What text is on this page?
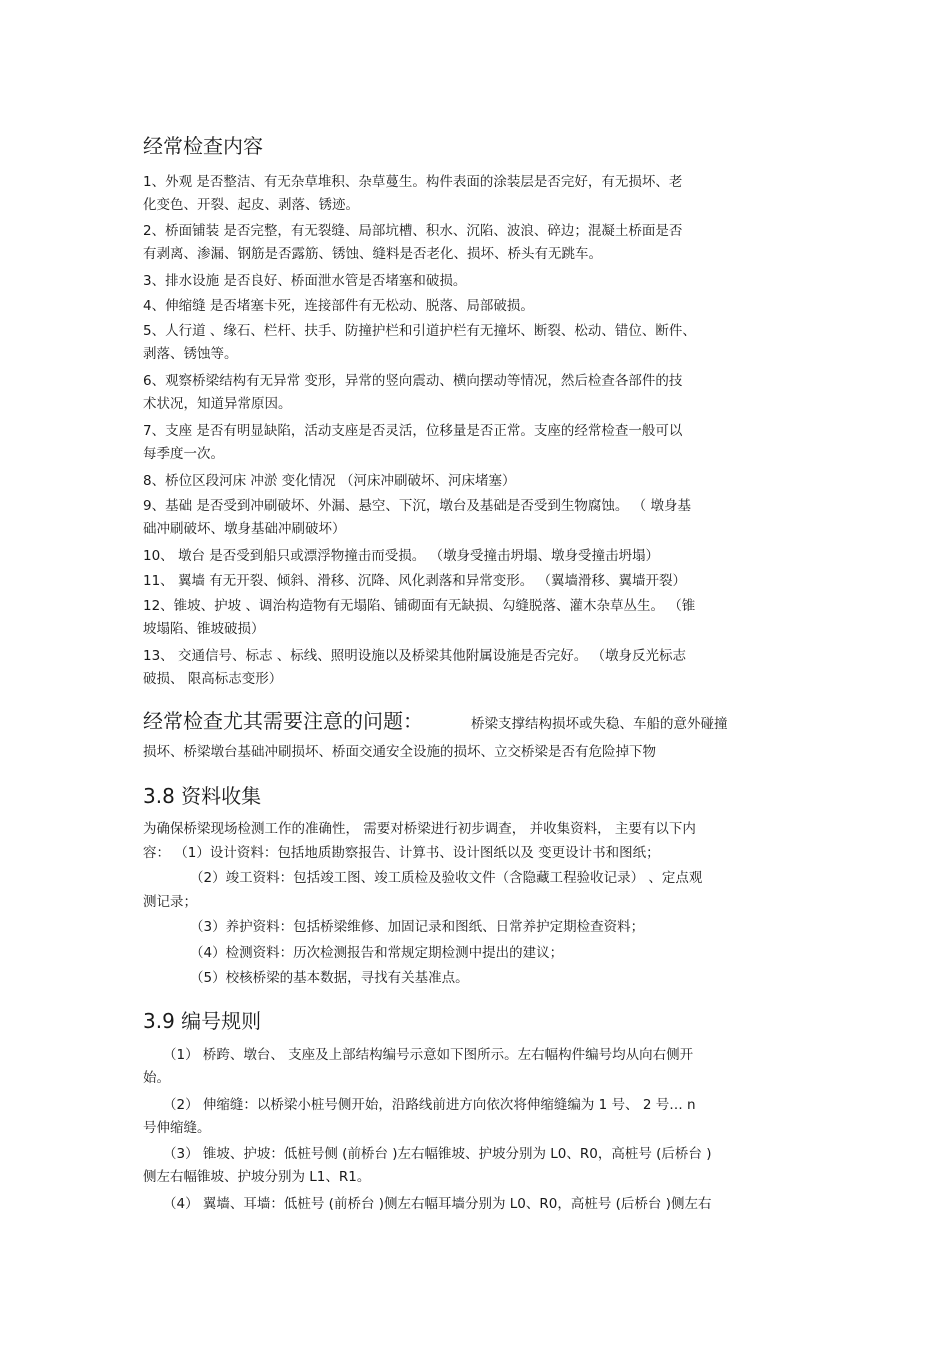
经常检查内容
1、外观 是否整洁、有无杂草堆积、杂草蔓生。构件表面的涂装层是否完好，有无损坏、老
化变色、开裂、起皮、剥落、锈迹。
2、桥面铺装 是否完整，有无裂缝、局部坑槽、积水、沉陷、波浪、碎边；混凝土桥面是否
有剥离、渗漏、钢筋是否露筋、锈蚀、缝料是否老化、损坏、桥头有无跳车。
3、排水设施 是否良好、桥面泄水管是否堵塞和破损。
4、伸缩缝 是否堵塞卡死，连接部件有无松动、脱落、局部破损。
5、人行道 、缘石、栏杆、扶手、防撞护栏和引道护栏有无撞坏、断裂、松动、错位、断件、
剥落、锈蚀等。
6、观察桥梁结构有无异常 变形，异常的竖向震动、横向摆动等情况，然后检查各部件的技
术状况，知道异常原因。
7、支座 是否有明显缺陷，活动支座是否灵活，位移量是否正常。支座的经常检查一般可以
每季度一次。
8、桥位区段河床 冲淤 变化情况 （河床冲刷破坏、河床堵塞）
9、基础 是否受到冲刷破坏、外漏、悬空、下沉，墩台及基础是否受到生物腐蚀。 （ 墩身基
础冲刷破坏、墩身基础冲刷破坏）
10、 墩台 是否受到船只或漂浮物撞击而受损。 （墩身受撞击坍塌、墩身受撞击坍塌）
11、 翼墙 有无开裂、倾斜、滑移、沉降、风化剥落和异常变形。 （翼墙滑移、翼墙开裂）
12、锥坡、护坡 、调治构造物有无塌陷、铺砌面有无缺损、勾缝脱落、灌木杂草丛生。 （锥
坡塌陷、锥坡破损）
13、 交通信号、标志 、标线、照明设施以及桥梁其他附属设施是否完好。 （墩身反光标志
破损、 限高标志变形）
经常检查尤其需要注意的问题：	桥梁支撑结构损坏或失稳、车船的意外碰撞
损坏、桥梁墩台基础冲刷损坏、桥面交通安全设施的损坏、立交桥梁是否有危险掉下物
3.8 资料收集
为确保桥梁现场检测工作的准确性， 需要对桥梁进行初步调查， 并收集资料， 主要有以下内
容： （1）设计资料：包括地质勘察报告、计算书、设计图纸以及 变更设计书和图纸；
（2）竣工资料：包括竣工图、竣工质检及验收文件（含隐藏工程验收记录） 、定点观
测记录；
（3）养护资料：包括桥梁维修、加固记录和图纸、日常养护定期检查资料；
（4）检测资料：历次检测报告和常规定期检测中提出的建议；
（5）校核桥梁的基本数据，寻找有关基准点。
3.9 编号规则
（1） 桥跨、墩台、 支座及上部结构编号示意如下图所示。左右幅构件编号均从向右侧开
始。
（2） 伸缩缝：以桥梁小桩号侧开始，沿路线前进方向依次将伸缩缝编为 1 号、 2 号… n
号伸缩缝。
（3） 锥坡、护坡：低桩号侧 (前桥台 )左右幅锥坡、护坡分别为 L0、R0，高桩号 (后桥台 )
侧左右幅锥坡、护坡分别为 L1、R1。
（4） 翼墙、耳墙：低桩号 (前桥台 )侧左右幅耳墙分别为 L0、R0，高桩号 (后桥台 )侧左右
